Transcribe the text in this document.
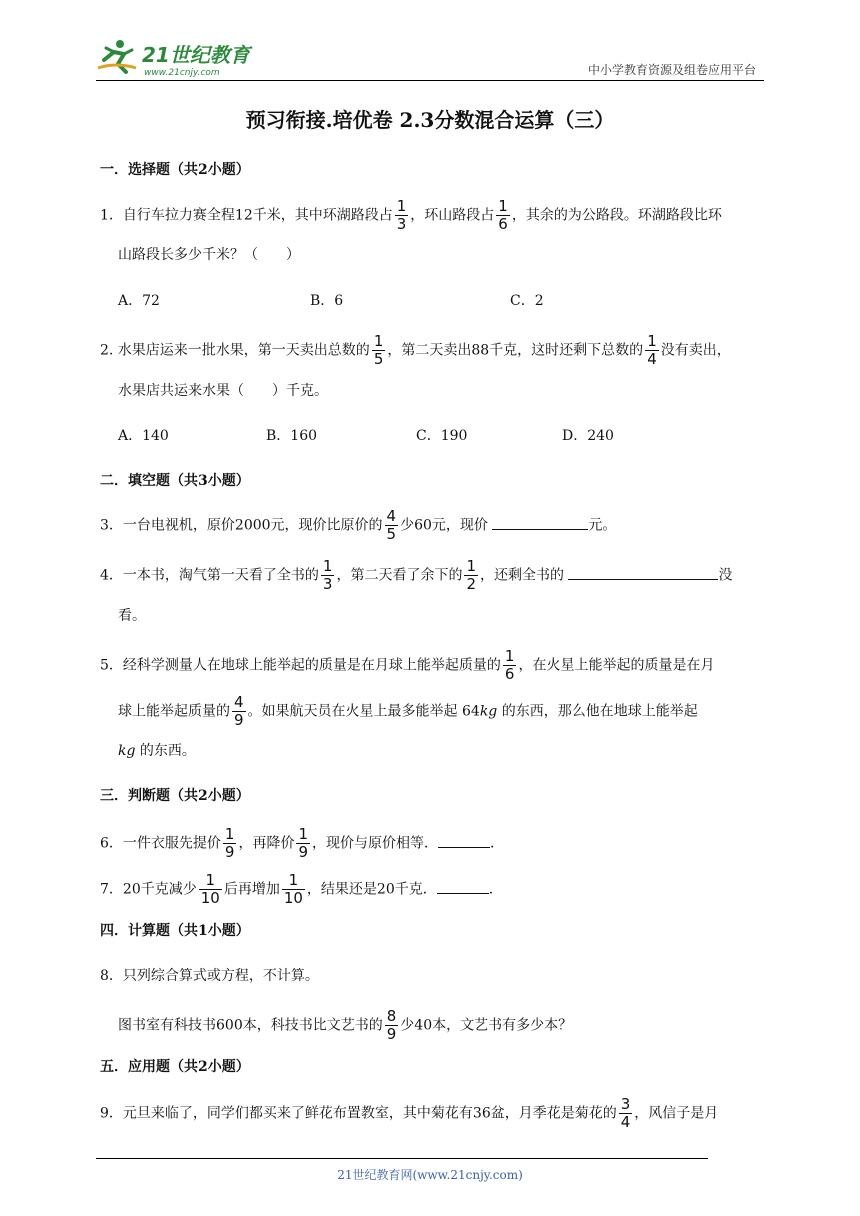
21世纪教育
www.21cnjy.com	中小学教育资源及组卷应用平台
预习衔接.培优卷 2.3分数混合运算（三）
一．选择题（共2小题）
1．自行车拉力赛全程12千米，其中环湖路段占 $\frac{1}{3}$ ，环山路段占 $\frac{1}{6}$ ，其余的为公路段。环湖路段比环
山路段长多少千米？（　　）
A．72	B．6	C．2
2. 水果店运来一批水果，第一天卖出总数的 $\frac{1}{5}$ ，第二天卖出88千克，这时还剩下总数的 $\frac{1}{4}$ 没有卖出，
水果店共运来水果（　　）千克。
A．140	B．160	C．190	D．240
二．填空题（共3小题）
3．一台电视机，原价2000元，现价比原价的 $\frac{4}{5}$ 少60元，现价	元。
4．一本书，淘气第一天看了全书的 $\frac{1}{3}$ ，第二天看了余下的 $\frac{1}{2}$ ，还剩全书的	没
看。
5．经科学测量人在地球上能举起的质量是在月球上能举起质量的 $\frac{1}{6}$ ，在火星上能举起的质量是在月
球上能举起质量的 $\frac{4}{9}$ 。如果航天员在火星上最多能举起 64kg 的东西，那么他在地球上能举起
kg 的东西。
三．判断题（共2小题）
6．一件衣服先提价 $\frac{1}{9}$ ，再降价 $\frac{1}{9}$ ，现价与原价相等．	．
7．20千克减少 $\frac{1}{10}$ 后再增加 $\frac{1}{10}$ ，结果还是20千克．	．
四．计算题（共1小题）
8．只列综合算式或方程，不计算。
图书室有科技书600本，科技书比文艺书的 $\frac{8}{9}$ 少40本，文艺书有多少本？
五．应用题（共2小题）
9．元旦来临了，同学们都买来了鲜花布置教室，其中菊花有36盆，月季花是菊花的 $\frac{3}{4}$ ，风信子是月
21世纪教育网(www.21cnjy.com)
